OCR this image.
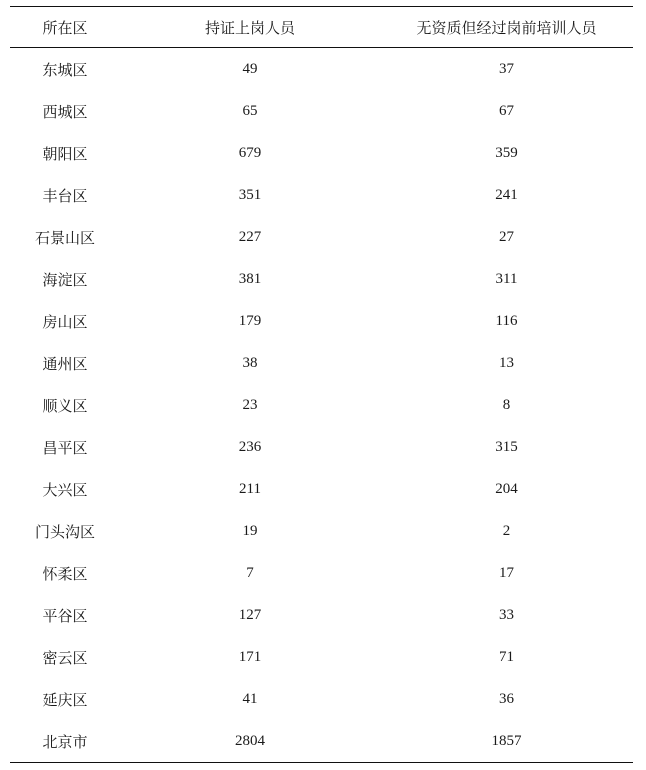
所在区	持证上岗人员	无资质但经过岗前培训人员
东城区	49	37
西城区	65	67
朝阳区	679	359
丰台区	351	241
石景山区	227	27
海淀区	381	311
房山区	179	116
通州区	38	13
顺义区	23	8
昌平区	236	315
大兴区	211	204
门头沟区	19	2
怀柔区	7	17
平谷区	127	33
密云区	171	71
延庆区	41	36
北京市	2804	1857
